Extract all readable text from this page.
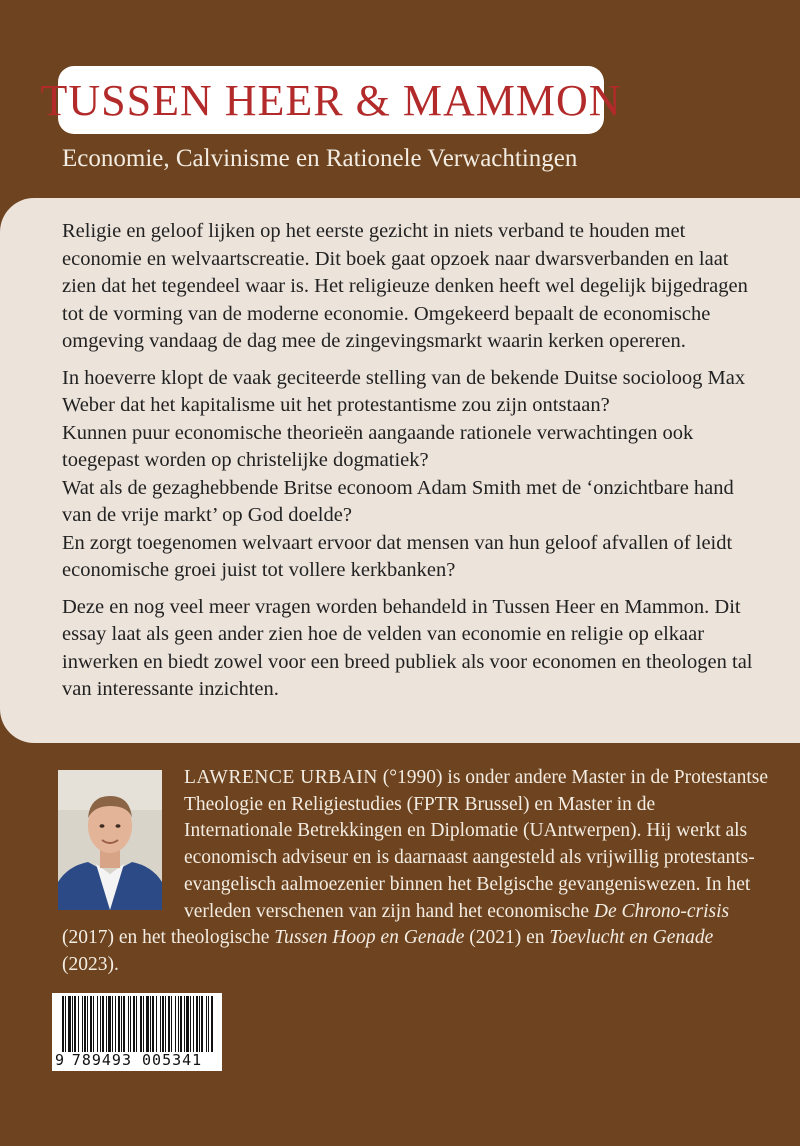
TUSSEN HEER & MAMMON
Economie, Calvinisme en Rationele Verwachtingen

Religie en geloof lijken op het eerste gezicht in niets verband te houden met economie en welvaartscreatie. Dit boek gaat opzoek naar dwarsverbanden en laat zien dat het tegendeel waar is. Het religieuze denken heeft wel degelijk bijgedragen tot de vorming van de moderne economie. Omgekeerd bepaalt de economische omgeving vandaag de dag mee de zingevingsmarkt waarin kerken opereren.

In hoeverre klopt de vaak geciteerde stelling van de bekende Duitse socioloog Max Weber dat het kapitalisme uit het protestantisme zou zijn ontstaan?

Kunnen puur economische theorieën aangaande rationele verwachtingen ook toegepast worden op christelijke dogmatiek?

Wat als de gezaghebbende Britse econoom Adam Smith met de ‘onzichtbare hand van de vrije markt’ op God doelde?

En zorgt toegenomen welvaart ervoor dat mensen van hun geloof afvallen of leidt economische groei juist tot vollere kerkbanken?

Deze en nog veel meer vragen worden behandeld in Tussen Heer en Mammon. Dit essay laat als geen ander zien hoe de velden van economie en religie op elkaar inwerken en biedt zowel voor een breed publiek als voor economen en theologen tal van interessante inzichten.

LAWRENCE URBAIN (°1990) is onder andere Master in de Protestantse Theologie en Religiestudies (FPTR Brussel) en Master in de Internationale Betrekkingen en Diplomatie (UAntwerpen). Hij werkt als economisch adviseur en is daarnaast aangesteld als vrijwillig protestants-evangelisch aalmoezenier binnen het Belgische gevangeniswezen. In het verleden verschenen van zijn hand het economische De Chrono-crisis (2017) en het theologische Tussen Hoop en Genade (2021) en Toevlucht en Genade (2023).
9 789493 005341
